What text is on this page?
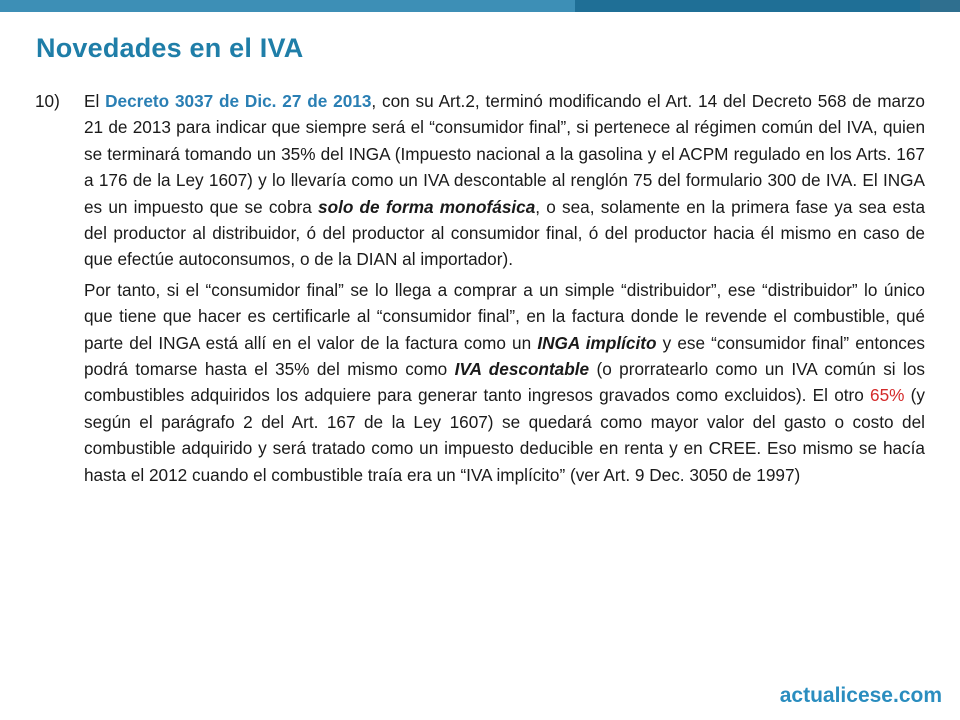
Novedades en el IVA
10)	El Decreto 3037 de Dic. 27 de 2013, con su Art.2, terminó modificando el Art. 14 del Decreto 568 de marzo 21 de 2013 para indicar que siempre será el “consumidor final”, si pertenece al régimen común del IVA, quien se terminará tomando un 35% del INGA (Impuesto nacional a la gasolina y el ACPM regulado en los Arts. 167 a 176 de la Ley 1607) y lo llevaría como un IVA descontable al renglón 75 del formulario 300 de IVA. El INGA es un impuesto que se cobra solo de forma monofásica, o sea, solamente en la primera fase ya sea esta del productor al distribuidor, ó del productor al consumidor final, ó del productor hacia él mismo en caso de que efectúe autoconsumos, o de la DIAN al importador).
Por tanto, si el “consumidor final” se lo llega a comprar a un simple “distribuidor”, ese “distribuidor” lo único que tiene que hacer es certificarle al “consumidor final”, en la factura donde le revende el combustible, qué parte del INGA está allí en el valor de la factura como un INGA implícito y ese “consumidor final” entonces podrá tomarse hasta el 35% del mismo como IVA descontable (o prorratearlo como un IVA común si los combustibles adquiridos los adquiere para generar tanto ingresos gravados como excluidos). El otro 65% (y según el parágrafo 2 del Art. 167 de la Ley 1607) se quedará como mayor valor del gasto o costo del combustible adquirido y será tratado como un impuesto deducible en renta y en CREE. Eso mismo se hacía hasta el 2012 cuando el combustible traía era un “IVA implícito” (ver Art. 9 Dec. 3050 de 1997)
actualicese.com
